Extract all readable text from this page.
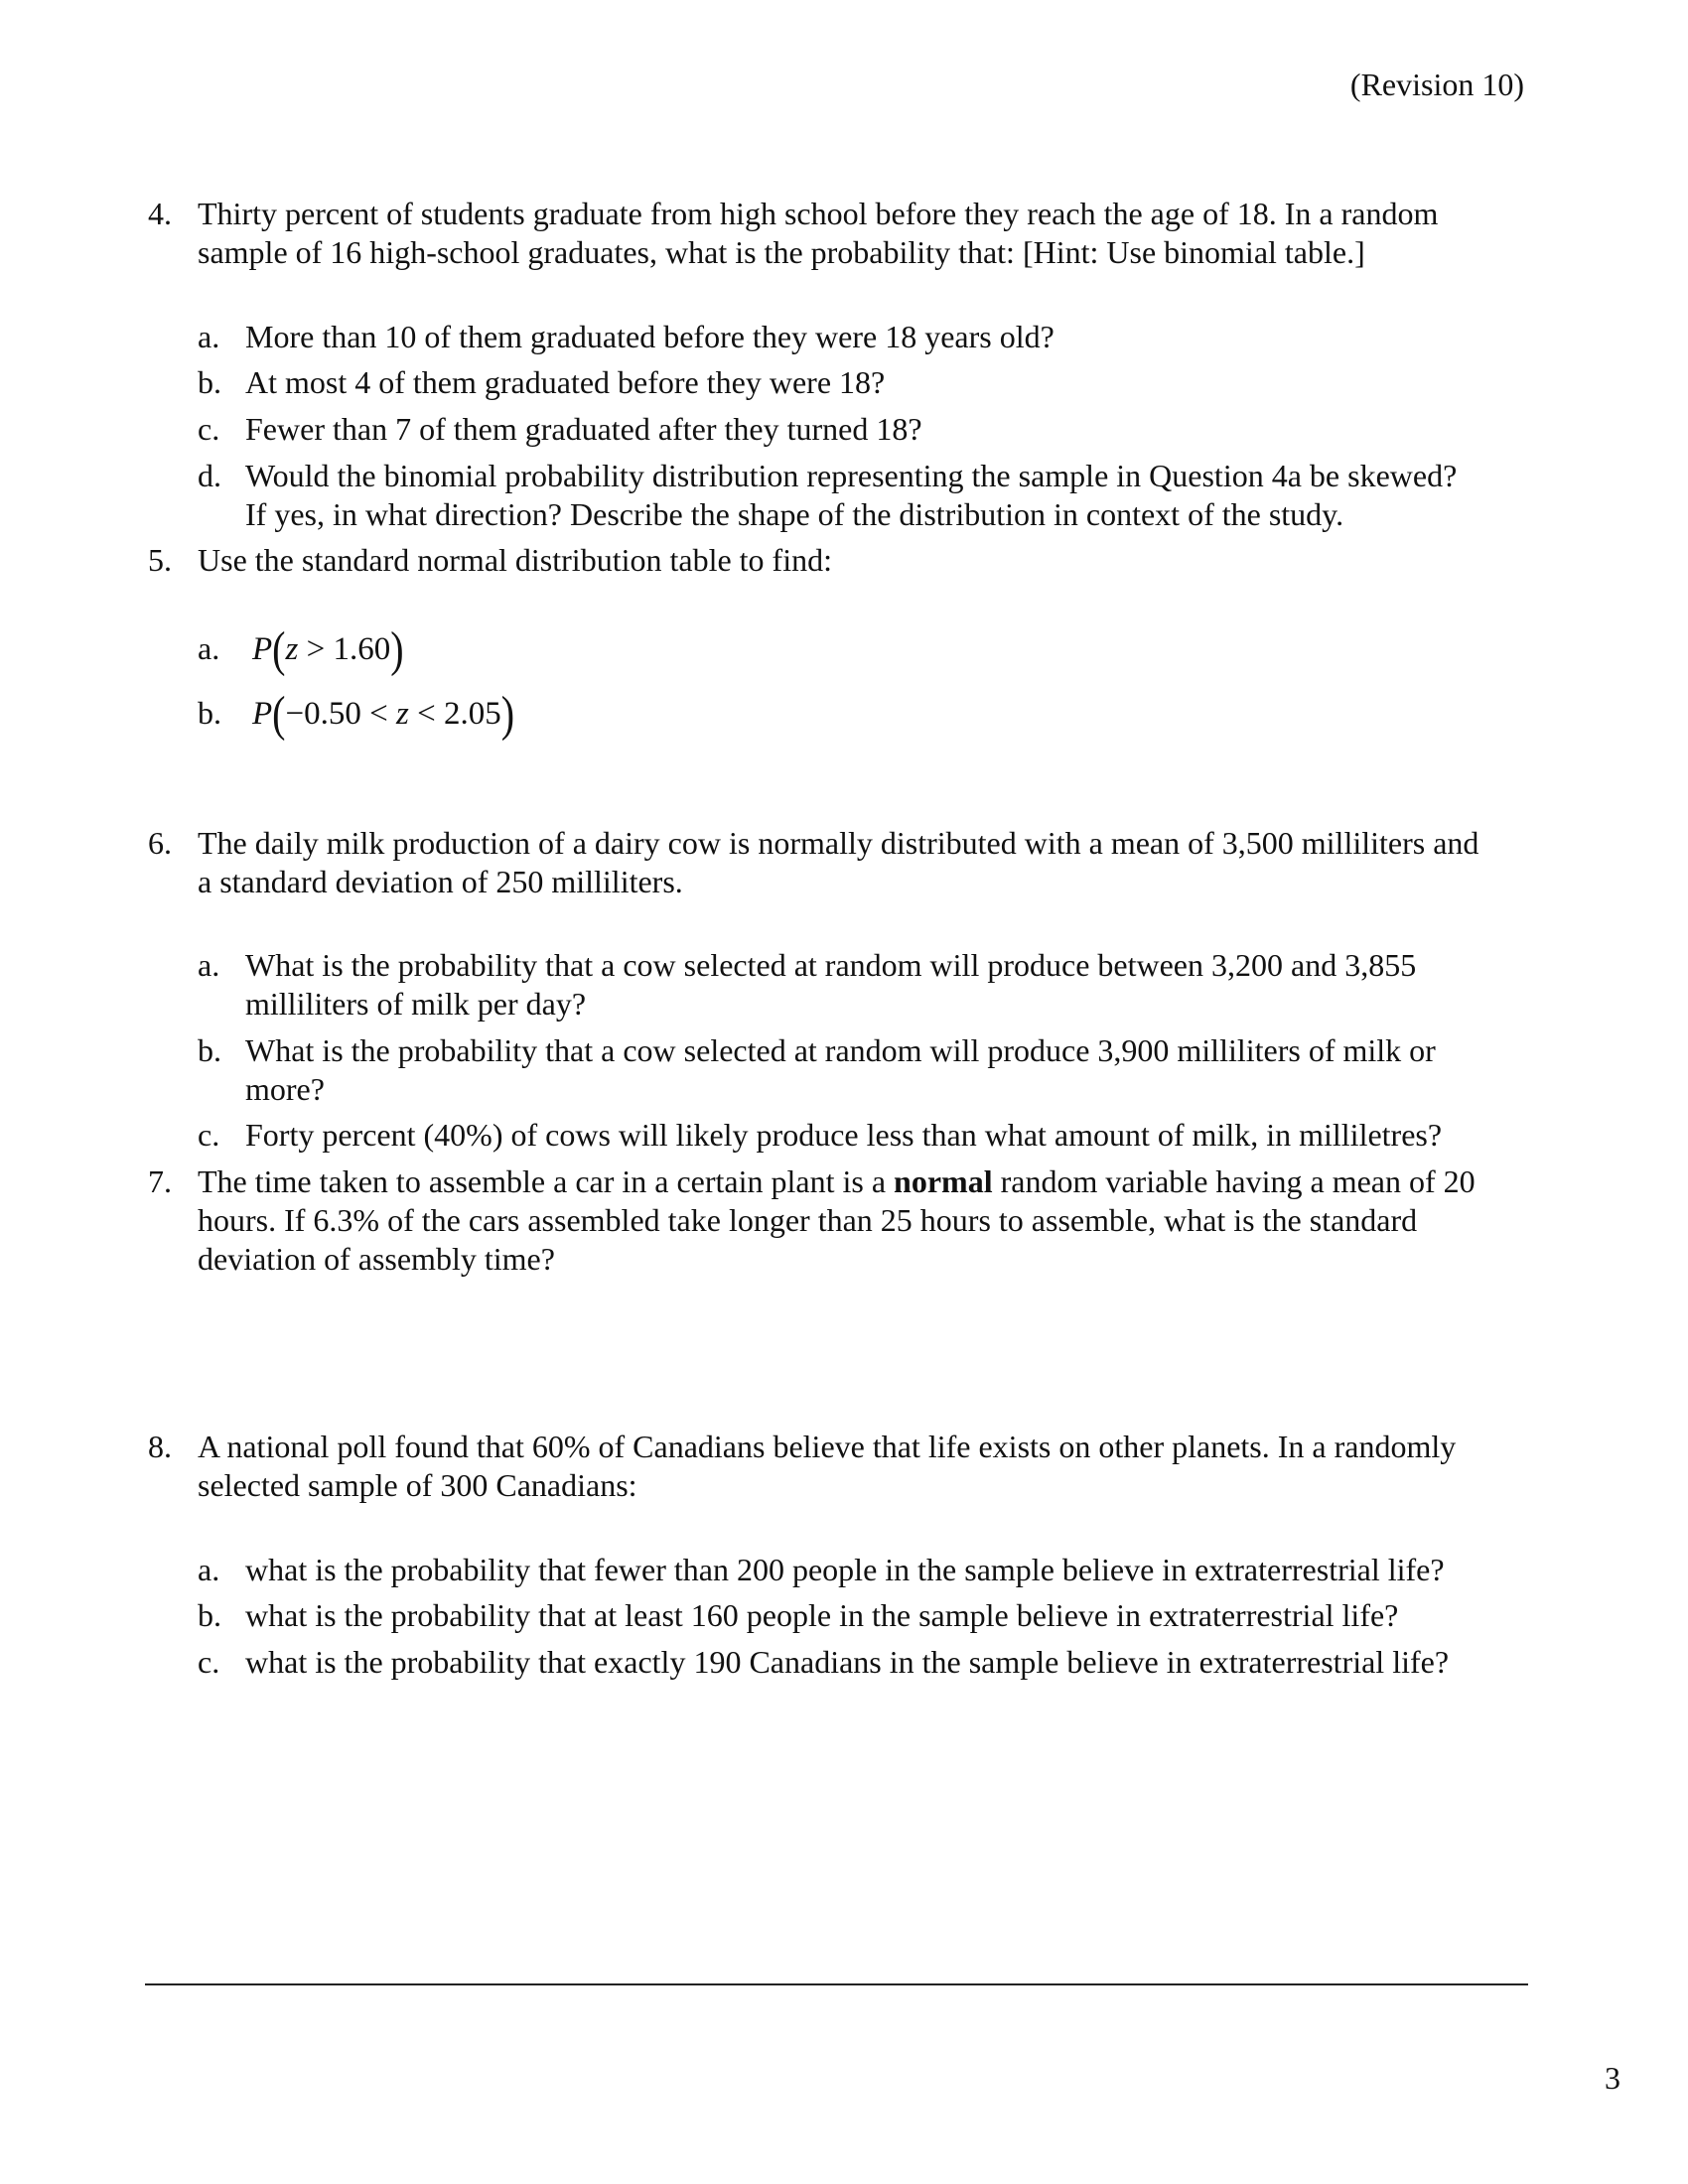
(Revision 10)
4. Thirty percent of students graduate from high school before they reach the age of 18. In a random
sample of 16 high-school graduates, what is the probability that: [Hint: Use binomial table.]
a. More than 10 of them graduated before they were 18 years old?
b. At most 4 of them graduated before they were 18?
c. Fewer than 7 of them graduated after they turned 18?
d. Would the binomial probability distribution representing the sample in Question 4a be skewed?
If yes, in what direction? Describe the shape of the distribution in context of the study.
5. Use the standard normal distribution table to find:
a. P(z > 1.60)
b. P(−0.50 < z < 2.05)
6. The daily milk production of a dairy cow is normally distributed with a mean of 3,500 milliliters and
a standard deviation of 250 milliliters.
a. What is the probability that a cow selected at random will produce between 3,200 and 3,855
milliliters of milk per day?
b. What is the probability that a cow selected at random will produce 3,900 milliliters of milk or
more?
c. Forty percent (40%) of cows will likely produce less than what amount of milk, in milliletres?
7. The time taken to assemble a car in a certain plant is a normal random variable having a mean of 20
hours. If 6.3% of the cars assembled take longer than 25 hours to assemble, what is the standard
deviation of assembly time?
8. A national poll found that 60% of Canadians believe that life exists on other planets. In a randomly
selected sample of 300 Canadians:
a. what is the probability that fewer than 200 people in the sample believe in extraterrestrial life?
b. what is the probability that at least 160 people in the sample believe in extraterrestrial life?
c. what is the probability that exactly 190 Canadians in the sample believe in extraterrestrial life?
3
